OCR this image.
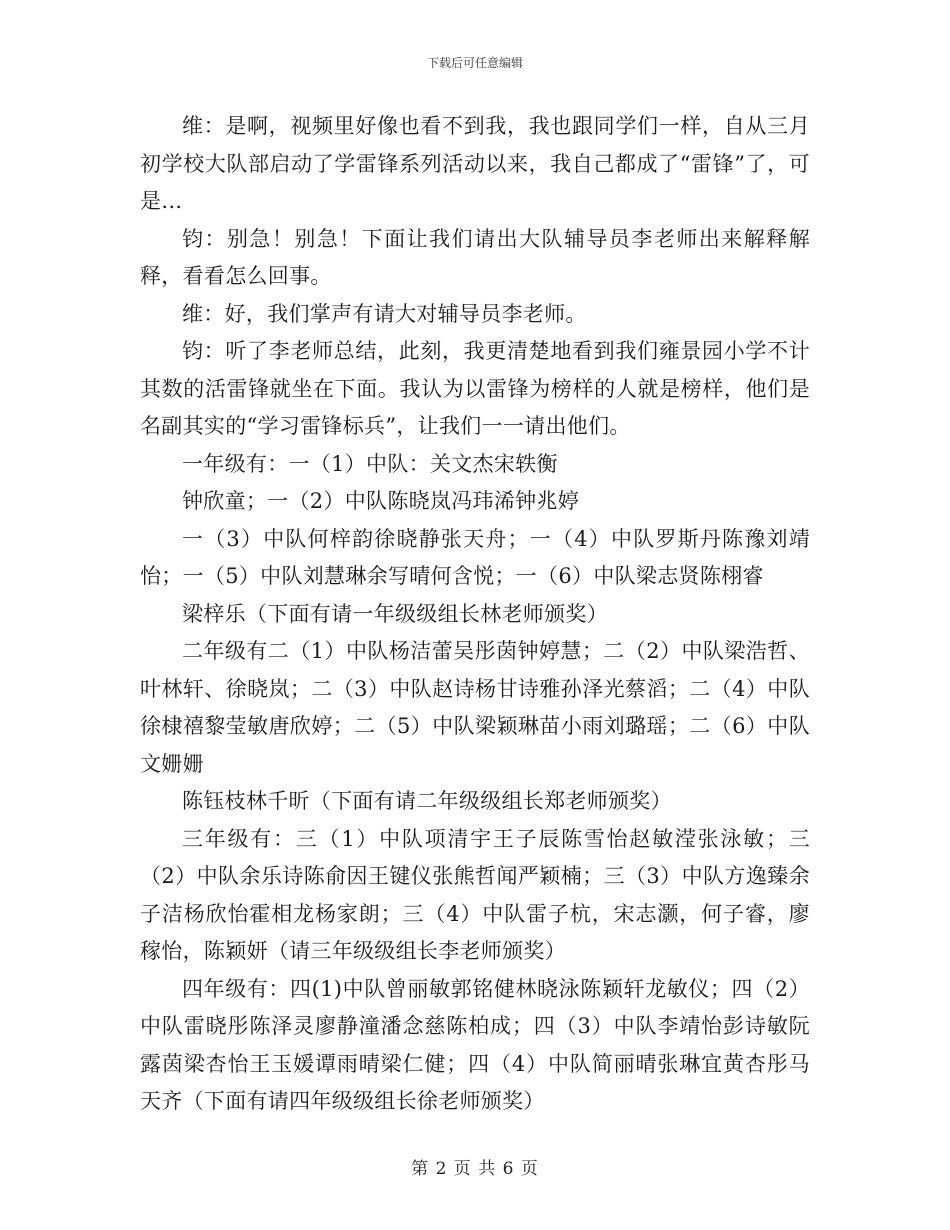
下载后可任意编辑

维：是啊，视频里好像也看不到我，我也跟同学们一样，自从三月初学校大队部启动了学雷锋系列活动以来，我自己都成了“雷锋”了，可是…

钧：别急！别急！下面让我们请出大队辅导员李老师出来解释解释，看看怎么回事。

维：好，我们掌声有请大对辅导员李老师。

钧：听了李老师总结，此刻，我更清楚地看到我们雍景园小学不计其数的活雷锋就坐在下面。我认为以雷锋为榜样的人就是榜样，他们是名副其实的“学习雷锋标兵”，让我们一一请出他们。

一年级有：一（1）中队：关文杰宋轶衡

钟欣童；一（2）中队陈晓岚冯玮浠钟兆婷

一（3）中队何梓韵徐晓静张天舟；一（4）中队罗斯丹陈豫刘靖怡；一（5）中队刘慧琳余写晴何含悦；一（6）中队梁志贤陈栩睿

梁梓乐（下面有请一年级级组长林老师颁奖）

二年级有二（1）中队杨洁蕾吴彤茵钟婷慧；二（2）中队梁浩哲、叶林轩、徐晓岚；二（3）中队赵诗杨甘诗雅孙泽光蔡滔；二（4）中队徐棣禧黎莹敏唐欣婷；二（5）中队梁颖琳苗小雨刘璐瑶；二（6）中队文姗姗

陈钰枝林千昕（下面有请二年级级组长郑老师颁奖）

三年级有：三（1）中队项清宇王子辰陈雪怡赵敏滢张泳敏；三（2）中队余乐诗陈俞因王键仪张熊哲闻严颖楠；三（3）中队方逸臻余子洁杨欣怡霍相龙杨家朗；三（4）中队雷子杭，宋志灏，何子睿，廖稼怡，陈颖妍（请三年级级组长李老师颁奖）

四年级有：四(1)中队曾丽敏郭铭健林晓泳陈颖轩龙敏仪；四（2）中队雷晓彤陈泽灵廖静潼潘念慈陈柏成；四（3）中队李靖怡彭诗敏阮露茵梁杏怡王玉媛谭雨晴梁仁健；四（4）中队简丽晴张琳宜黄杏彤马天齐（下面有请四年级级组长徐老师颁奖）

第 2 页 共 6 页
